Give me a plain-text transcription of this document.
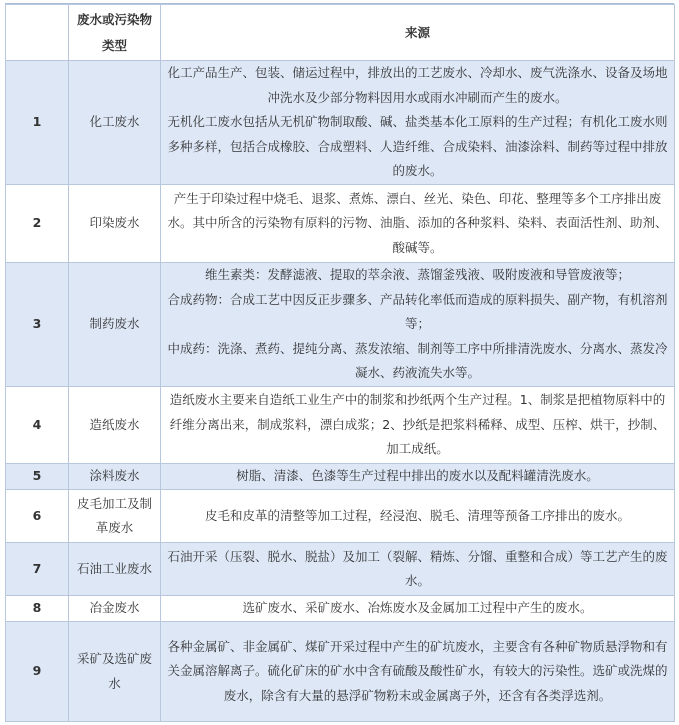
	废水或污染物类型	来源
1	化工废水	化工产品生产、包装、储运过程中，排放出的工艺废水、冷却水、废气洗涤水、设备及场地冲洗水及少部分物料因用水或雨水冲刷而产生的废水。

无机化工废水包括从无机矿物制取酸、碱、盐类基本化工原料的生产过程；有机化工废水则多种多样，包括合成橡胶、合成塑料、人造纤维、合成染料、油漆涂料、制药等过程中排放的废水。

2	印染废水	产生于印染过程中烧毛、退浆、煮炼、漂白、丝光、染色、印花、整理等多个工序排出废水。其中所含的污染物有原料的污物、油脂、添加的各种浆料、染料、表面活性剂、助剂、酸碱等。

3	制药废水	维生素类：发酵滤液、提取的萃余液、蒸馏釜残液、吸附废液和导管废液等；

合成药物：合成工艺中因反正步骤多、产品转化率低而造成的原料损失、副产物，有机溶剂等；

中成药：洗涤、煮药、提纯分离、蒸发浓缩、制剂等工序中所排清洗废水、分离水、蒸发冷凝水、药液流失水等。

4	造纸废水	造纸废水主要来自造纸工业生产中的制浆和抄纸两个生产过程。1、制浆是把植物原料中的纤维分离出来，制成浆料，漂白成浆；2、抄纸是把浆料稀释、成型、压榨、烘干，抄制、加工成纸。

5	涂料废水	树脂、清漆、色漆等生产过程中排出的废水以及配料罐清洗废水。

6	皮毛加工及制革废水	皮毛和皮革的清整等加工过程，经浸泡、脱毛、清理等预备工序排出的废水。

7	石油工业废水	石油开采（压裂、脱水、脱盐）及加工（裂解、精炼、分馏、重整和合成）等工艺产生的废水。

8	冶金废水	选矿废水、采矿废水、冶炼废水及金属加工过程中产生的废水。

9	采矿及选矿废水	各种金属矿、非金属矿、煤矿开采过程中产生的矿坑废水，主要含有各种矿物质悬浮物和有关金属溶解离子。硫化矿床的矿水中含有硫酸及酸性矿水，有较大的污染性。选矿或洗煤的废水，除含有大量的悬浮矿物粉末或金属离子外，还含有各类浮选剂。
